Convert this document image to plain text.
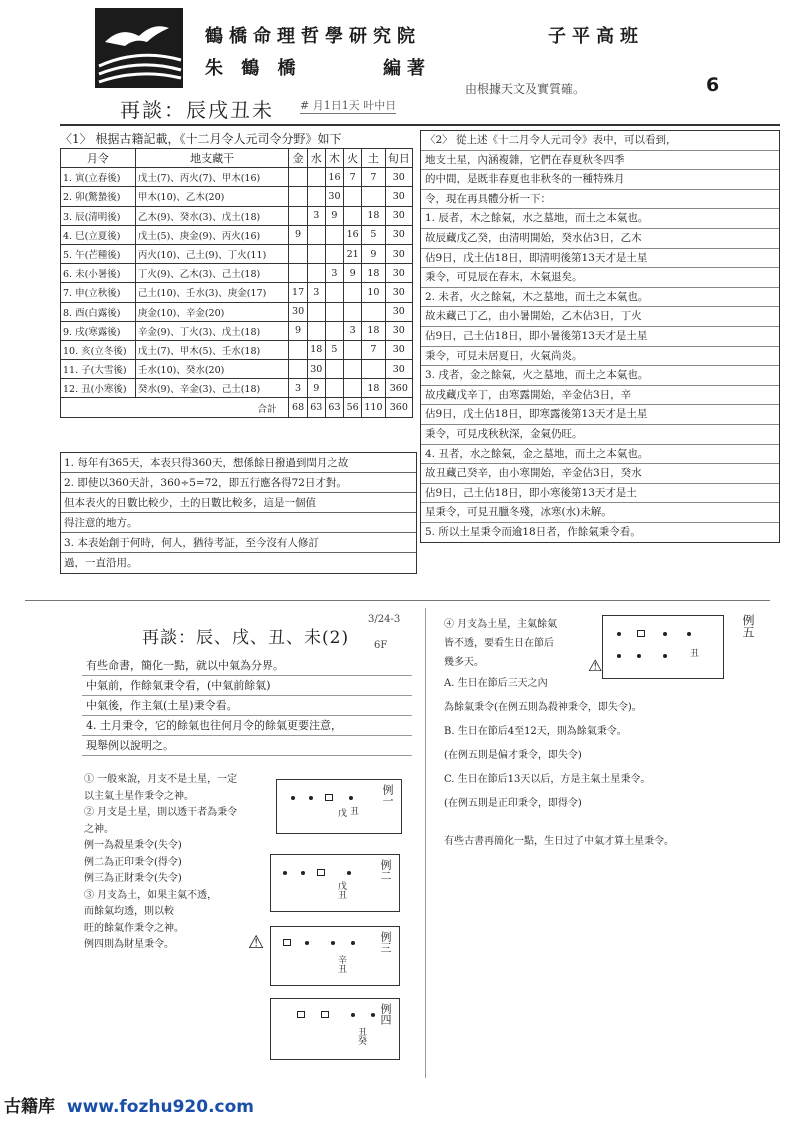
鶴橋命理哲學研究院	子平高班
朱 鶴 橋	編著
由根據天文及實質確。	6
再談：辰戌丑未 # 月1日1天 叶中日
〈1〉 根据古籍記載，《十二月令人元司令分野》如下
月令	地支藏干	金	水	木	火	土	旬日
1. 寅(立春後)	戊土(7)、丙火(7)、甲木(16)			16	7	7	30
2. 卯(驚蟄後)	甲木(10)、乙木(20)			30			30
3. 辰(清明後)	乙木(9)、癸水(3)、戊土(18)		3	9		18	30
4. 巳(立夏後)	戊土(5)、庚金(9)、丙火(16)	9			16	5	30
5. 午(芒種後)	丙火(10)、己土(9)、丁火(11)				21	9	30
6. 未(小暑後)	丁火(9)、乙木(3)、己土(18)			3	9	18	30
7. 申(立秋後)	己土(10)、壬水(3)、庚金(17)	17	3			10	30
8. 酉(白露後)	庚金(10)、辛金(20)	30					30
9. 戌(寒露後)	辛金(9)、丁火(3)、戊土(18)	9			3	18	30
10. 亥(立冬後)	戊土(7)、甲木(5)、壬水(18)		18	5		7	30
11. 子(大雪後)	壬水(10)、癸水(20)		30				30
12. 丑(小寒後)	癸水(9)、辛金(3)、己土(18)	3	9			18	360
合計		68	63	63	56	110	360
1. 每年有365天，本表只得360天，想係餘日撥過到閏月之故
2. 即使以360天計，360÷5=72，即五行應各得72日才對。
但本表火的日數比較少，土的日數比較多，這是一個值
得注意的地方。
3. 本表始創于何時，何人，猶待考証，至今沒有人修訂
過，一直沿用。
〈2〉 從上述《十二月令人元司令》表中，可以看到，
地支土星，內涵複雜，它們在春夏秋冬四季
的中間，是既非春夏也非秋冬的一種特殊月
令，現在再具體分析一下：
1. 辰者，木之餘氣，水之墓地，而土之本氣也。
故辰藏戊乙癸，由清明開始，癸水佔3日，乙木
佔9日，戊土佔18日，即清明後第13天才是土星
秉令，可見辰在春末，木氣退矣。
2. 未者，火之餘氣，木之墓地，而土之本氣也。
故未藏己丁乙，由小暑開始，乙木佔3日，丁火
佔9日，己土佔18日，即小暑後第13天才是土星
秉令，可見未居夏日，火氣尚炎。
3. 戌者，金之餘氣，火之墓地，而土之本氣也。
故戌藏戊辛丁，由寒露開始，辛金佔3日，辛
佔9日，戊土佔18日，即寒露後第13天才是土星
秉令，可見戌秋秋深，金氣仍旺。
4. 丑者，水之餘氣，金之墓地，而土之本氣也。
故丑藏己癸辛，由小寒開始，辛金佔3日，癸水
佔9日，己土佔18日，即小寒後第13天才是土
星秉令，可見丑臘冬殘，冰寒(水)未解。
5. 所以土星秉令而逾18日者，作餘氣秉令看。
再談：辰、戌、丑、未(2)
3/24-3
6F
有些命書，簡化一點，就以中氣為分界。
中氣前，作餘氣秉令看，(中氣前餘氣)
中氣後，作主氣(土星)秉令看。
4. 土月秉令，它的餘氣也往何月令的餘氣更要注意，
現舉例以說明之。
① 一般來說，月支不是土星，一定
以主氣土星作秉令之神。
② 月支是土星，則以透干者為秉令
之神。
例一為殺星秉令(失令)
例二為正印秉令(得令)
例三為正財秉令(失令)
③ 月支為土，如果主氣不透，
而餘氣均透，則以較
旺的餘氣作秉令之神。
例四則為財星秉令。
戊 丑
例一
戊丑
例二
辛丑
例三
丑癸
例四
⚠
④ 月支為土星，主氣餘氣
皆不透，要看生日在節后
幾多天。
A. 生日在節后三天之內
為餘氣秉令(在例五則為殺神秉令，即失令)。
B. 生日在節后4至12天，則為餘氣秉令。
(在例五則是偏才秉令，即失令)
C. 生日在節后13天以后，方是主氣土星秉令。
(在例五則是正印秉令，即得令)
有些古書再簡化一點，生日过了中氣才算土星秉令。
丑
例五
⚠
古籍库 www.fozhu920.com
